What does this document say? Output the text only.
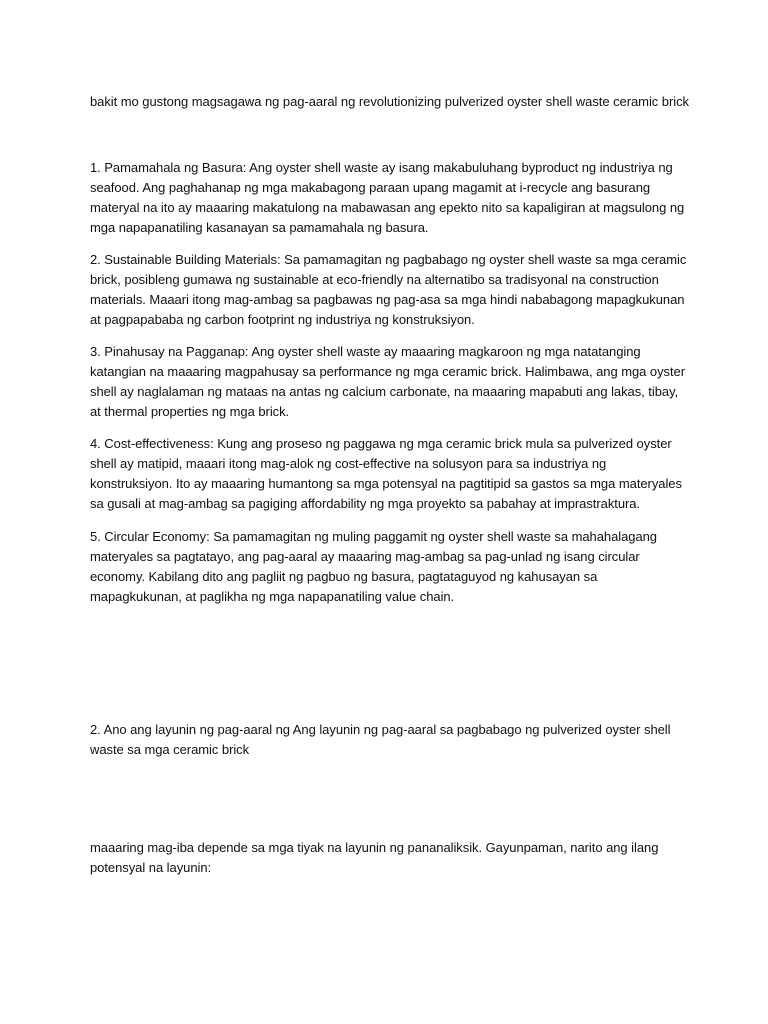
bakit mo gustong magsagawa ng pag-aaral ng revolutionizing pulverized oyster shell waste ceramic brick

1. Pamamahala ng Basura: Ang oyster shell waste ay isang makabuluhang byproduct ng industriya ng seafood. Ang paghahanap ng mga makabagong paraan upang magamit at i-recycle ang basurang materyal na ito ay maaaring makatulong na mabawasan ang epekto nito sa kapaligiran at magsulong ng mga napapanatiling kasanayan sa pamamahala ng basura.

2. Sustainable Building Materials: Sa pamamagitan ng pagbabago ng oyster shell waste sa mga ceramic brick, posibleng gumawa ng sustainable at eco-friendly na alternatibo sa tradisyonal na construction materials. Maaari itong mag-ambag sa pagbawas ng pag-asa sa mga hindi nababagong mapagkukunan at pagpapababa ng carbon footprint ng industriya ng konstruksiyon.

3. Pinahusay na Pagganap: Ang oyster shell waste ay maaaring magkaroon ng mga natatanging katangian na maaaring magpahusay sa performance ng mga ceramic brick. Halimbawa, ang mga oyster shell ay naglalaman ng mataas na antas ng calcium carbonate, na maaaring mapabuti ang lakas, tibay, at thermal properties ng mga brick.

4. Cost-effectiveness: Kung ang proseso ng paggawa ng mga ceramic brick mula sa pulverized oyster shell ay matipid, maaari itong mag-alok ng cost-effective na solusyon para sa industriya ng konstruksiyon. Ito ay maaaring humantong sa mga potensyal na pagtitipid sa gastos sa mga materyales sa gusali at mag-ambag sa pagiging affordability ng mga proyekto sa pabahay at imprastraktura.

5. Circular Economy: Sa pamamagitan ng muling paggamit ng oyster shell waste sa mahahalagang materyales sa pagtatayo, ang pag-aaral ay maaaring mag-ambag sa pag-unlad ng isang circular economy. Kabilang dito ang pagliit ng pagbuo ng basura, pagtataguyod ng kahusayan sa mapagkukunan, at paglikha ng mga napapanatiling value chain.

2. Ano ang layunin ng pag-aaral ng Ang layunin ng pag-aaral sa pagbabago ng pulverized oyster shell waste sa mga ceramic brick

maaaring mag-iba depende sa mga tiyak na layunin ng pananaliksik. Gayunpaman, narito ang ilang potensyal na layunin:
